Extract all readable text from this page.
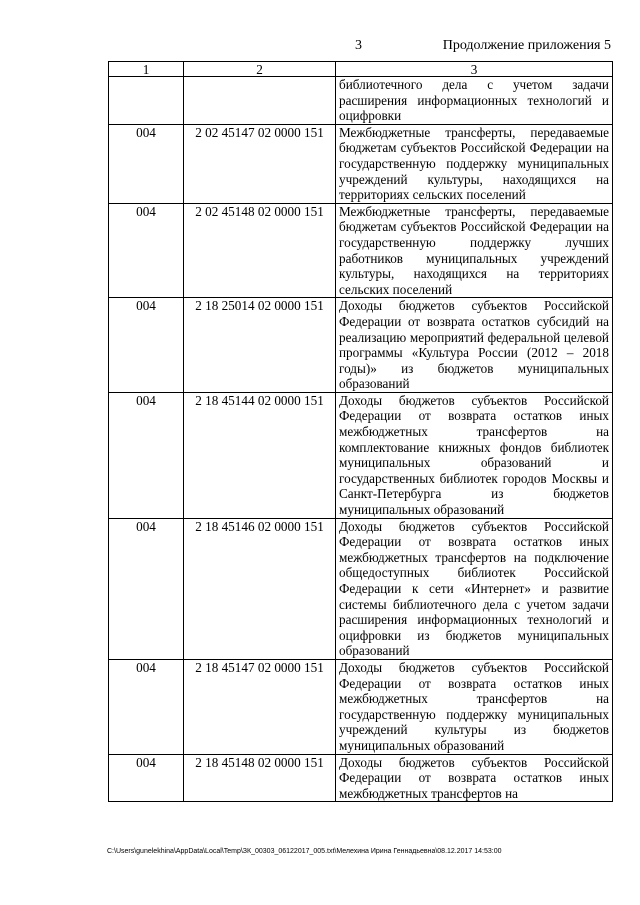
3	Продолжение приложения 5
1	2	3
		библиотечного дела с учетом задачи расширения информационных технологий и оцифровки
004	2 02 45147 02 0000 151	Межбюджетные трансферты, передаваемые бюджетам субъектов Российской Федерации на государственную поддержку муниципальных учреждений культуры, находящихся на территориях сельских поселений
004	2 02 45148 02 0000 151	Межбюджетные трансферты, передаваемые бюджетам субъектов Российской Федерации на государственную поддержку лучших работников муниципальных учреждений культуры, находящихся на территориях сельских поселений
004	2 18 25014 02 0000 151	Доходы бюджетов субъектов Российской Федерации от возврата остатков субсидий на реализацию мероприятий федеральной целевой программы «Культура России (2012 – 2018 годы)» из бюджетов муниципальных образований
004	2 18 45144 02 0000 151	Доходы бюджетов субъектов Российской Федерации от возврата остатков иных межбюджетных трансфертов на комплектование книжных фондов библиотек муниципальных образований и государственных библиотек городов Москвы и Санкт-Петербурга из бюджетов муниципальных образований
004	2 18 45146 02 0000 151	Доходы бюджетов субъектов Российской Федерации от возврата остатков иных межбюджетных трансфертов на подключение общедоступных библиотек Российской Федерации к сети «Интернет» и развитие системы библиотечного дела с учетом задачи расширения информационных технологий и оцифровки из бюджетов муниципальных образований
004	2 18 45147 02 0000 151	Доходы бюджетов субъектов Российской Федерации от возврата остатков иных межбюджетных трансфертов на государственную поддержку муниципальных учреждений культуры из бюджетов муниципальных образований
004	2 18 45148 02 0000 151	Доходы бюджетов субъектов Российской Федерации от возврата остатков иных межбюджетных трансфертов на
C:\Users\gunelekhina\AppData\Local\Temp\ЗК_00303_06122017_005.txt\Мелехина Ирина Геннадьевна\08.12.2017 14:53:00
